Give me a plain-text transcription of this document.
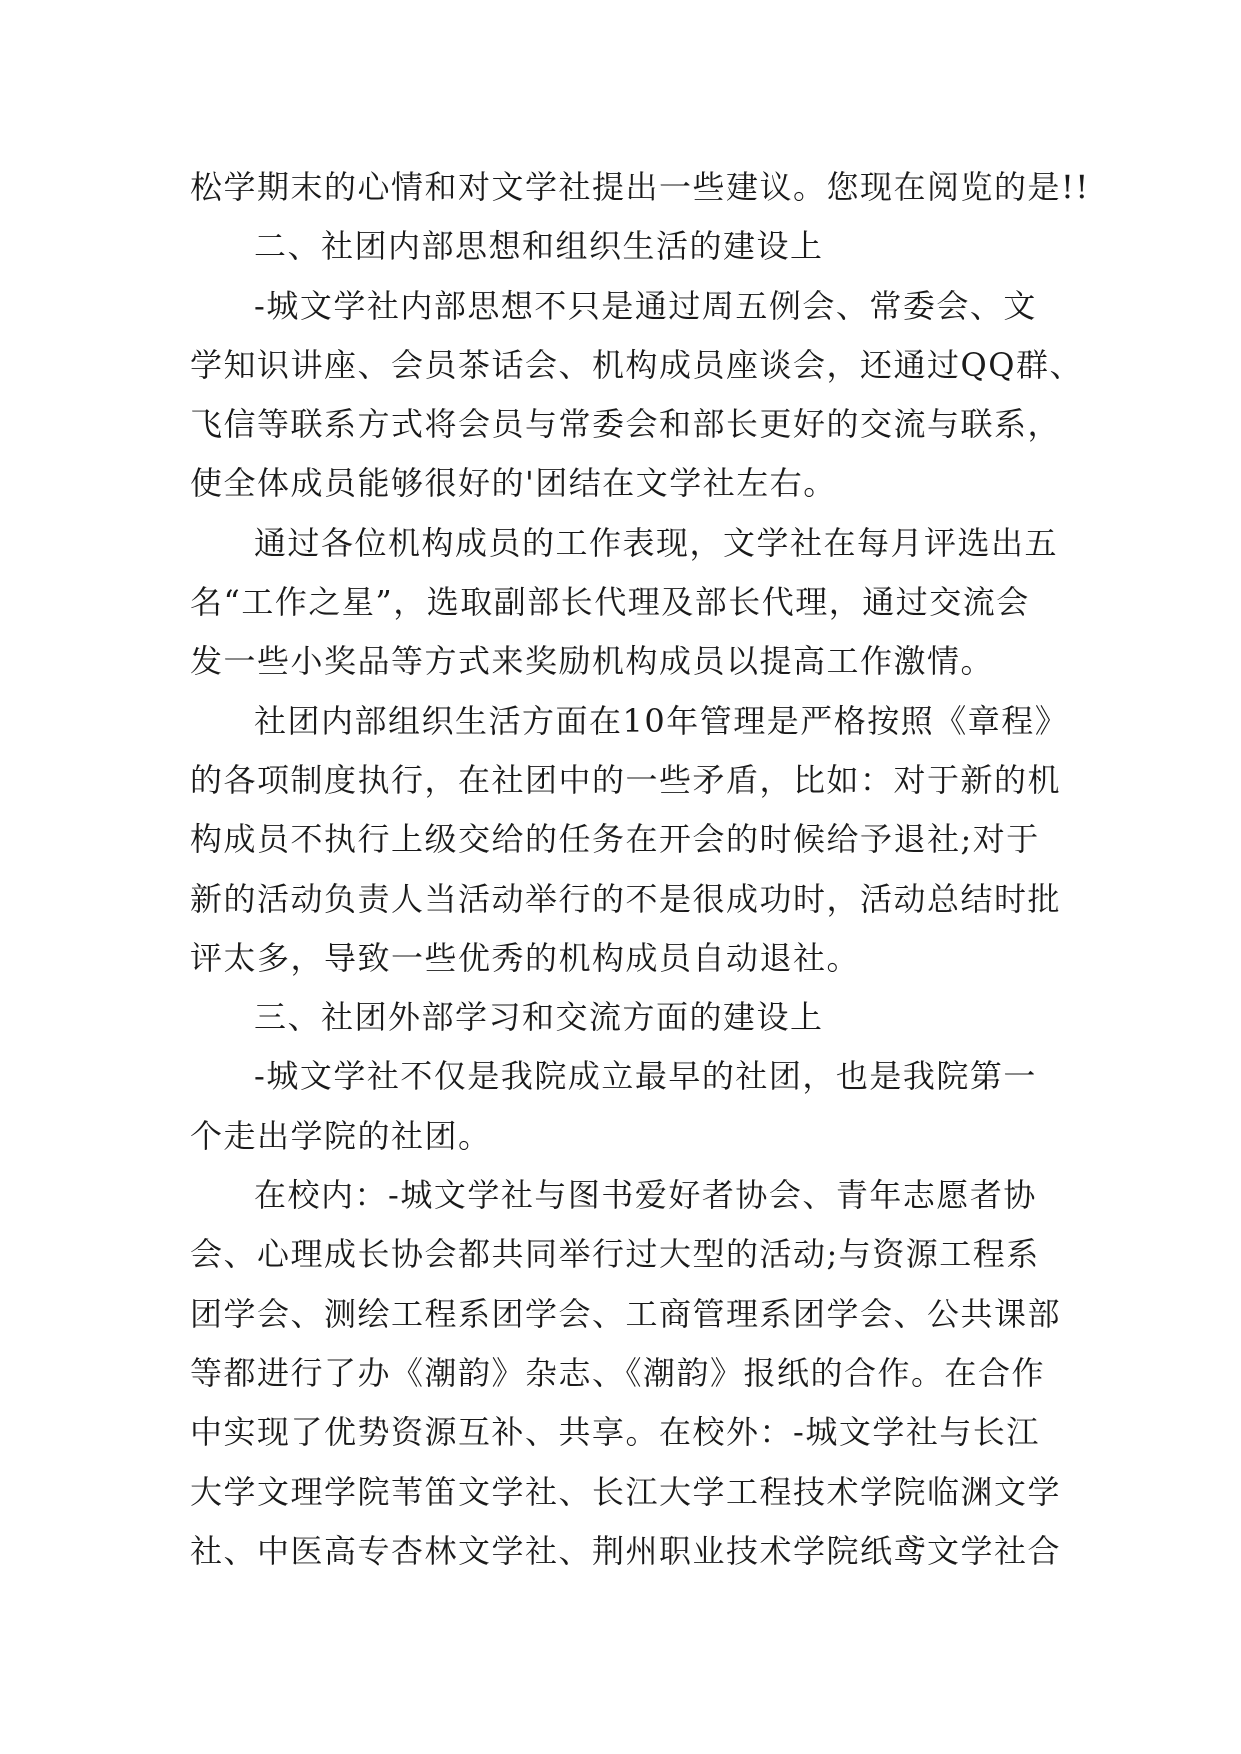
松学期末的心情和对文学社提出一些建议。您现在阅览的是!!
二、社团内部思想和组织生活的建设上
-城文学社内部思想不只是通过周五例会、常委会、文
学知识讲座、会员茶话会、机构成员座谈会，还通过QQ群、
飞信等联系方式将会员与常委会和部长更好的交流与联系，
使全体成员能够很好的'团结在文学社左右。
通过各位机构成员的工作表现，文学社在每月评选出五
名“工作之星”，选取副部长代理及部长代理，通过交流会
发一些小奖品等方式来奖励机构成员以提高工作激情。
社团内部组织生活方面在10年管理是严格按照《章程》
的各项制度执行，在社团中的一些矛盾，比如：对于新的机
构成员不执行上级交给的任务在开会的时候给予退社;对于
新的活动负责人当活动举行的不是很成功时，活动总结时批
评太多，导致一些优秀的机构成员自动退社。
三、社团外部学习和交流方面的建设上
-城文学社不仅是我院成立最早的社团，也是我院第一
个走出学院的社团。
在校内：-城文学社与图书爱好者协会、青年志愿者协
会、心理成长协会都共同举行过大型的活动;与资源工程系
团学会、测绘工程系团学会、工商管理系团学会、公共课部
等都进行了办《潮韵》杂志、《潮韵》报纸的合作。在合作
中实现了优势资源互补、共享。在校外：-城文学社与长江
大学文理学院苇笛文学社、长江大学工程技术学院临渊文学
社、中医高专杏林文学社、荆州职业技术学院纸鸢文学社合
